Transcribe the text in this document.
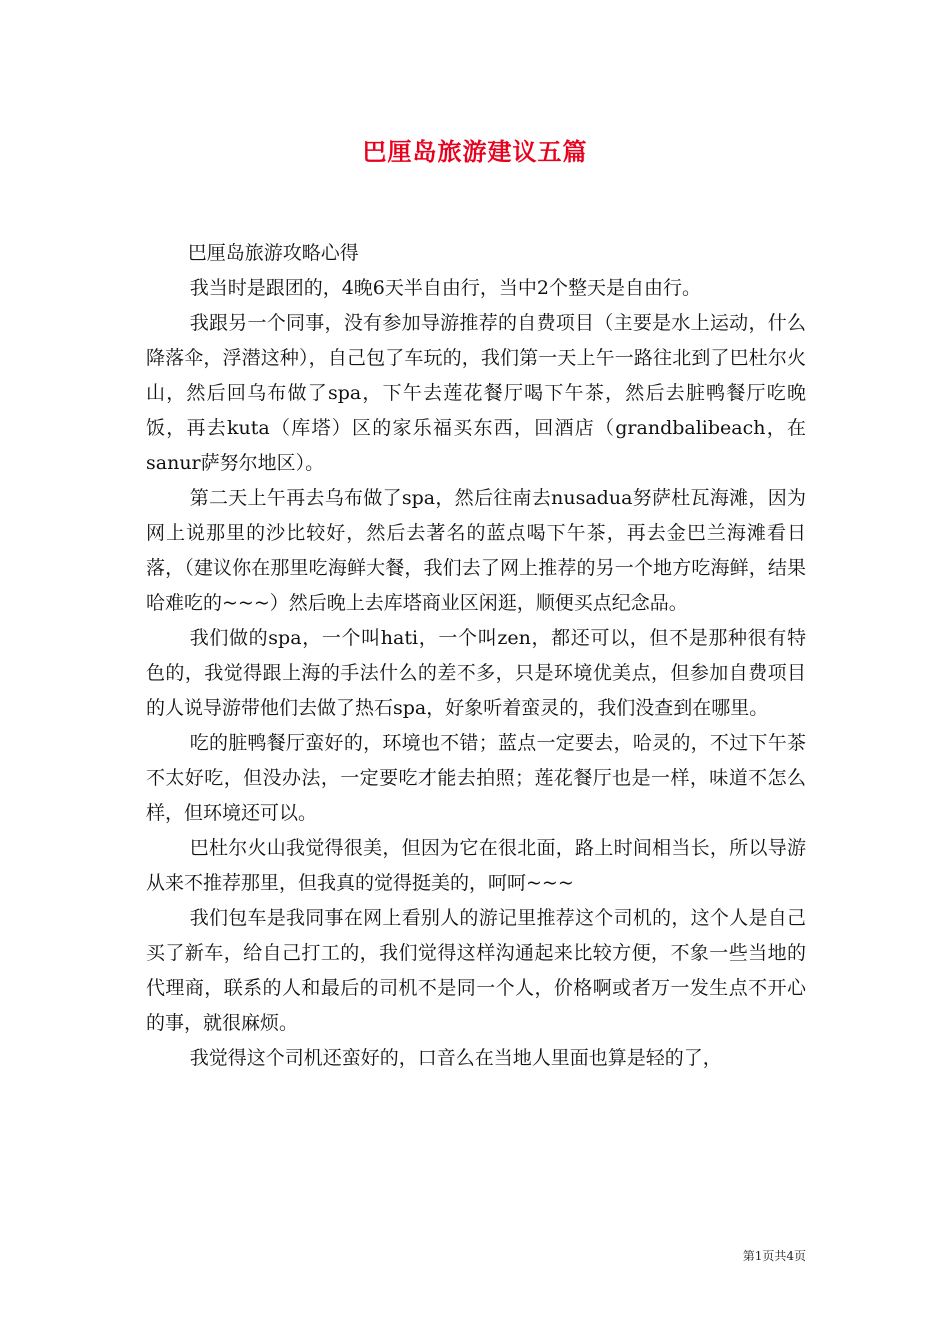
巴厘岛旅游建议五篇

巴厘岛旅游攻略心得

我当时是跟团的，4晚6天半自由行，当中2个整天是自由行。

我跟另一个同事，没有参加导游推荐的自费项目（主要是水上运动，什么降落伞，浮潜这种），自己包了车玩的，我们第一天上午一路往北到了巴杜尔火山，然后回乌布做了spa，下午去莲花餐厅喝下午茶，然后去脏鸭餐厅吃晚饭，再去kuta（库塔）区的家乐福买东西，回酒店（grandbalibeach，在sanur萨努尔地区）。

第二天上午再去乌布做了spa，然后往南去nusadua努萨杜瓦海滩，因为网上说那里的沙比较好，然后去著名的蓝点喝下午茶，再去金巴兰海滩看日落，（建议你在那里吃海鲜大餐，我们去了网上推荐的另一个地方吃海鲜，结果哈难吃的~~~）然后晚上去库塔商业区闲逛，顺便买点纪念品。

我们做的spa，一个叫hati，一个叫zen，都还可以，但不是那种很有特色的，我觉得跟上海的手法什么的差不多，只是环境优美点，但参加自费项目的人说导游带他们去做了热石spa，好象听着蛮灵的，我们没查到在哪里。

吃的脏鸭餐厅蛮好的，环境也不错；蓝点一定要去，哈灵的，不过下午茶不太好吃，但没办法，一定要吃才能去拍照；莲花餐厅也是一样，味道不怎么样，但环境还可以。

巴杜尔火山我觉得很美，但因为它在很北面，路上时间相当长，所以导游从来不推荐那里，但我真的觉得挺美的，呵呵~~~

我们包车是我同事在网上看别人的游记里推荐这个司机的，这个人是自己买了新车，给自己打工的，我们觉得这样沟通起来比较方便，不象一些当地的代理商，联系的人和最后的司机不是同一个人，价格啊或者万一发生点不开心的事，就很麻烦。

我觉得这个司机还蛮好的，口音么在当地人里面也算是轻的了，

第1页共4页
